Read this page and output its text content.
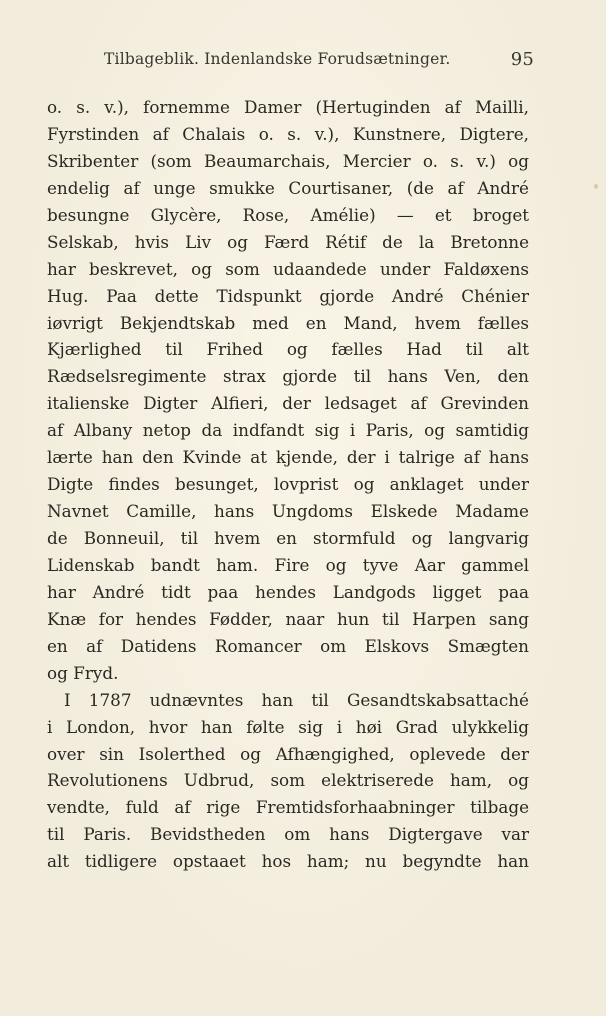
Tilbageblik. Indenlandske Forudsætninger.	95
o. s. v.), fornemme Damer (Hertuginden af Mailli,
Fyrstinden af Chalais o. s. v.), Kunstnere, Digtere,
Skribenter (som Beaumarchais, Mercier o. s. v.) og
endelig af unge smukke Courtisaner, (de af André
besungne Glycère, Rose, Amélie) — et broget
Selskab, hvis Liv og Færd Rétif de la Bretonne
har beskrevet, og som udaandede under Faldøxens
Hug. Paa dette Tidspunkt gjorde André Chénier
iøvrigt Bekjendtskab med en Mand, hvem fælles
Kjærlighed til Frihed og fælles Had til alt
Rædselsregimente strax gjorde til hans Ven, den
italienske Digter Alfieri, der ledsaget af Grevinden
af Albany netop da indfandt sig i Paris, og samtidig
lærte han den Kvinde at kjende, der i talrige af hans
Digte findes besunget, lovprist og anklaget under
Navnet Camille, hans Ungdoms Elskede Madame
de Bonneuil, til hvem en stormfuld og langvarig
Lidenskab bandt ham. Fire og tyve Aar gammel
har André tidt paa hendes Landgods ligget paa
Knæ for hendes Fødder, naar hun til Harpen sang
en af Datidens Romancer om Elskovs Smægten
og Fryd.
I 1787 udnævntes han til Gesandtskabsattaché
i London, hvor han følte sig i høi Grad ulykkelig
over sin Isolerthed og Afhængighed, oplevede der
Revolutionens Udbrud, som elektriserede ham, og
vendte, fuld af rige Fremtidsforhaabninger tilbage
til Paris. Bevidstheden om hans Digtergave var
alt tidligere opstaaet hos ham; nu begyndte han
